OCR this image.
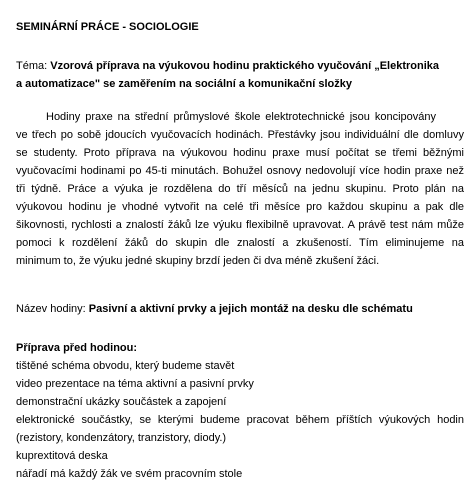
SEMINÁRNÍ PRÁCE - SOCIOLOGIE
Téma: Vzorová příprava na výukovou hodinu praktického vyučování „Elektronika
a automatizace" se zaměřením na sociální a komunikační složky
Hodiny praxe na střední průmyslové škole elektrotechnické jsou koncipovány
ve třech po sobě jdoucích vyučovacích hodinách. Přestávky jsou individuální dle domluvy
se studenty. Proto příprava na výukovou hodinu praxe musí počítat se třemi běžnými
vyučovacími hodinami po 45-ti minutách. Bohužel osnovy nedovolují více hodin praxe než
tři týdně. Práce a výuka je rozdělena do tří měsíců na jednu skupinu. Proto plán na
výukovou hodinu je vhodné vytvořit na celé tři měsíce pro každou skupinu a pak dle
šikovnosti, rychlosti a znalostí žáků lze výuku flexibilně upravovat. A právě test nám může
pomoci k rozdělení žáků do skupin dle znalostí a zkušeností. Tím eliminujeme na
minimum to, že výuku jedné skupiny brzdí jeden či dva méně zkušení žáci.
Název hodiny: Pasivní a aktivní prvky a jejich montáž na desku dle schématu
Příprava před hodinou:
tištěné schéma obvodu, který budeme stavět
video prezentace na téma aktivní a pasivní prvky
demonstrační ukázky součástek a zapojení
elektronické součástky, se kterými budeme pracovat během příštích výukových hodin
(rezistory, kondenzátory, tranzistory, diody.)
kuprextitová deska
nářadí má každý žák ve svém pracovním stole
